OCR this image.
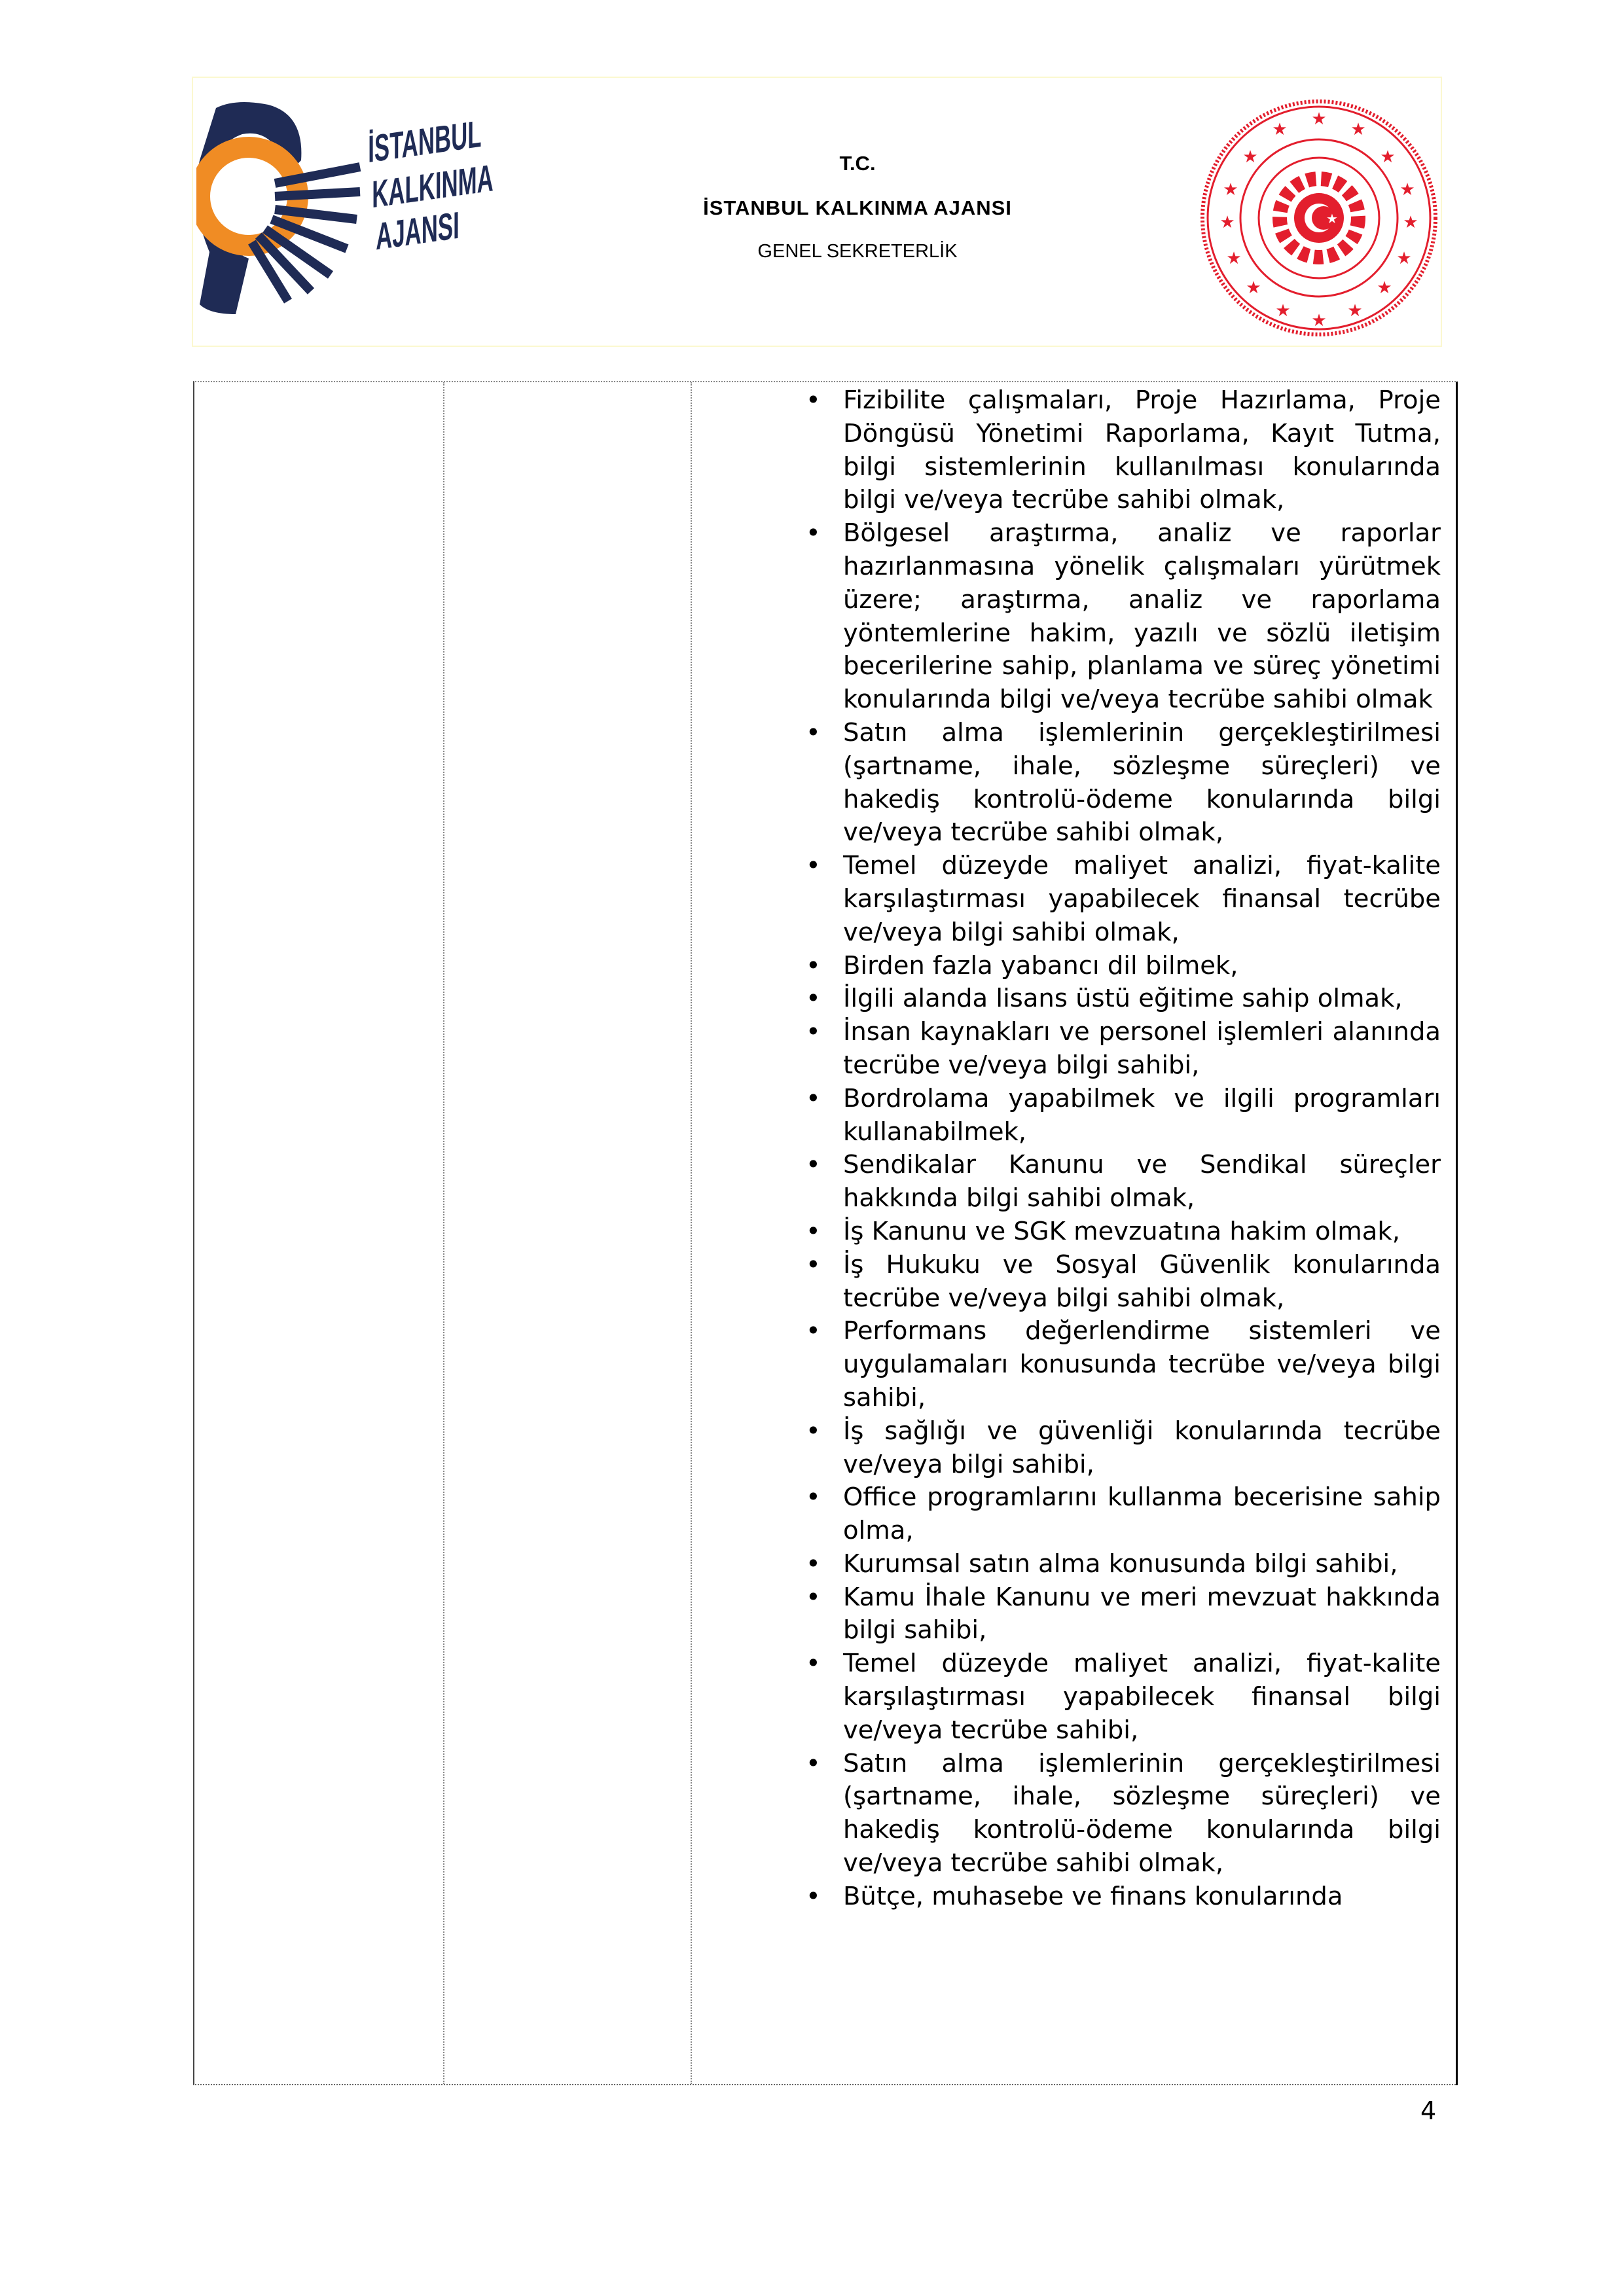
İSTANBUL
KALKINMA
AJANSI
T.C.
İSTANBUL KALKINMA AJANSI
GENEL SEKRETERLİK
★
★	★
★	★
★	★
★	★
★	★
★	★
★	★
★
★
• Fizibilite çalışmaları, Proje Hazırlama, Proje Döngüsü Yönetimi Raporlama, Kayıt Tutma, bilgi sistemlerinin kullanılması konularında bilgi ve/veya tecrübe sahibi olmak,
• Bölgesel araştırma, analiz ve raporlar hazırlanmasına yönelik çalışmaları yürütmek üzere; araştırma, analiz ve raporlama yöntemlerine hakim, yazılı ve sözlü iletişim becerilerine sahip, planlama ve süreç yönetimi konularında bilgi ve/veya tecrübe sahibi olmak
• Satın alma işlemlerinin gerçekleştirilmesi (şartname, ihale, sözleşme süreçleri) ve hakediş kontrolü-ödeme konularında bilgi ve/veya tecrübe sahibi olmak,
• Temel düzeyde maliyet analizi, fiyat-kalite karşılaştırması yapabilecek finansal tecrübe ve/veya bilgi sahibi olmak,
• Birden fazla yabancı dil bilmek,
• İlgili alanda lisans üstü eğitime sahip olmak,
• İnsan kaynakları ve personel işlemleri alanında tecrübe ve/veya bilgi sahibi,
• Bordrolama yapabilmek ve ilgili programları kullanabilmek,
• Sendikalar Kanunu ve Sendikal süreçler hakkında bilgi sahibi olmak,
• İş Kanunu ve SGK mevzuatına hakim olmak,
• İş Hukuku ve Sosyal Güvenlik konularında tecrübe ve/veya bilgi sahibi olmak,
• Performans değerlendirme sistemleri ve uygulamaları konusunda tecrübe ve/veya bilgi sahibi,
• İş sağlığı ve güvenliği konularında tecrübe ve/veya bilgi sahibi,
• Office programlarını kullanma becerisine sahip olma,
• Kurumsal satın alma konusunda bilgi sahibi,
• Kamu İhale Kanunu ve meri mevzuat hakkında bilgi sahibi,
• Temel düzeyde maliyet analizi, fiyat-kalite karşılaştırması yapabilecek finansal bilgi ve/veya tecrübe sahibi,
• Satın alma işlemlerinin gerçekleştirilmesi (şartname, ihale, sözleşme süreçleri) ve hakediş kontrolü-ödeme konularında bilgi ve/veya tecrübe sahibi olmak,
• Bütçe, muhasebe ve finans konularında
4
